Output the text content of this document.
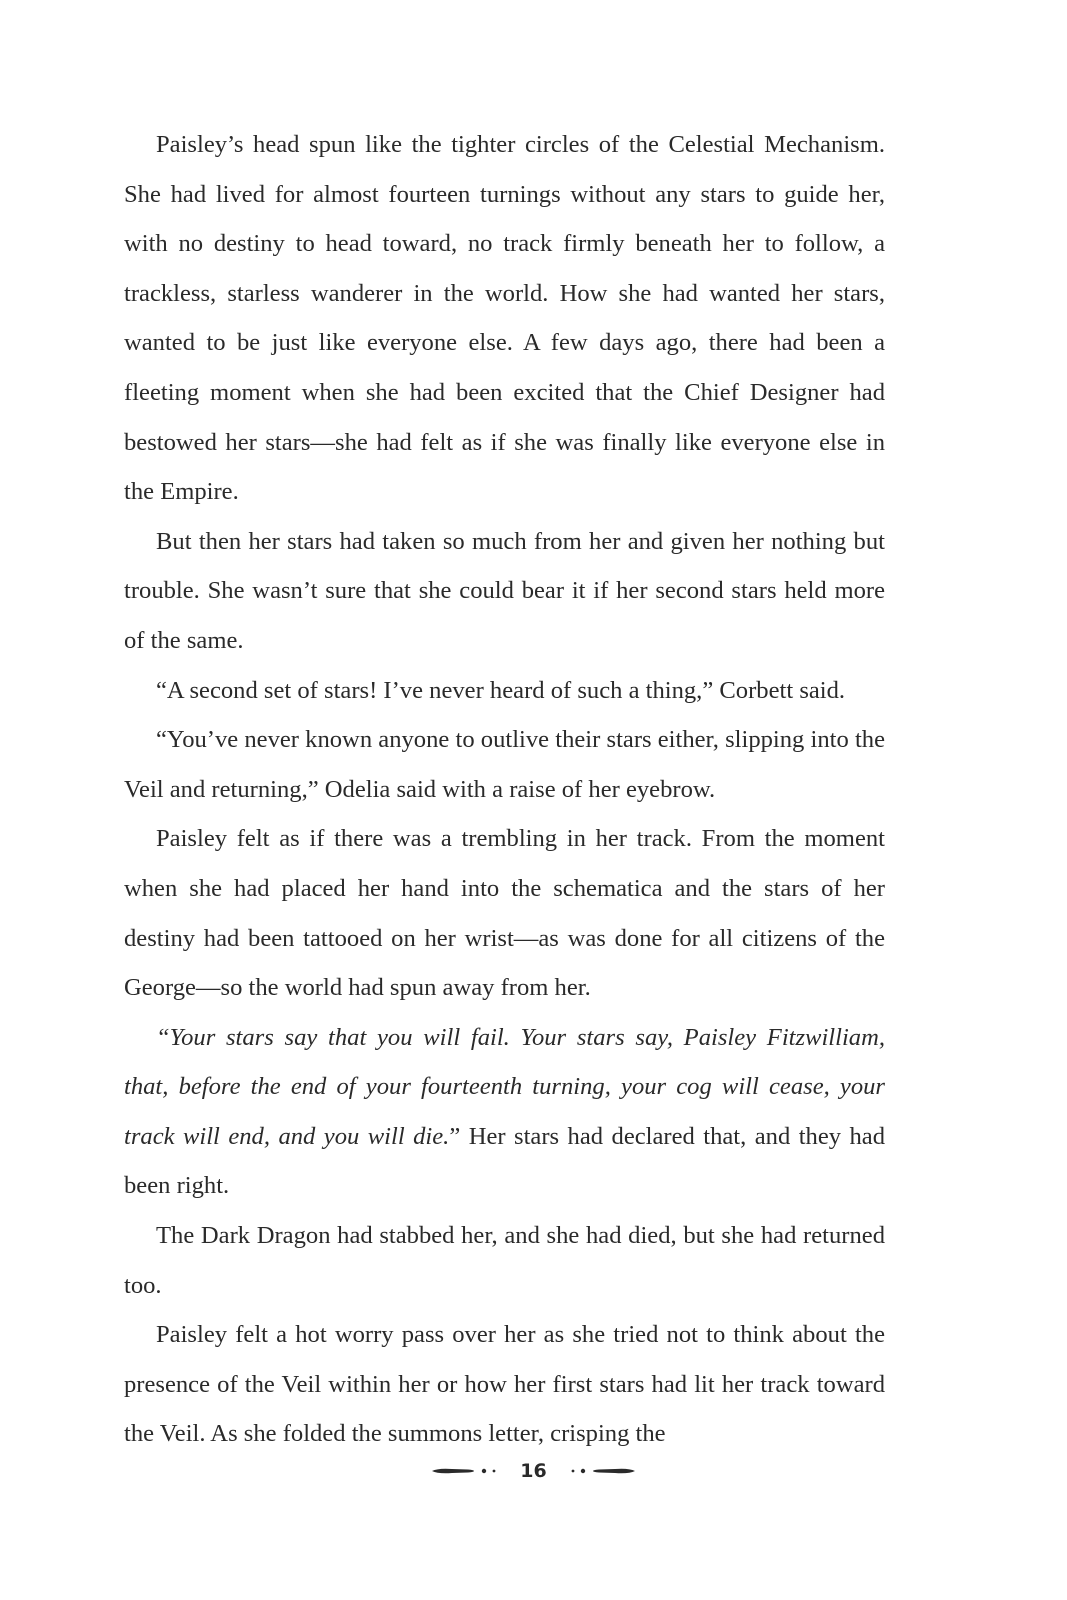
Paisley’s head spun like the tighter circles of the Celestial Mechanism. She had lived for almost fourteen turnings without any stars to guide her, with no destiny to head toward, no track firmly beneath her to follow, a trackless, starless wanderer in the world. How she had wanted her stars, wanted to be just like everyone else. A few days ago, there had been a fleeting moment when she had been excited that the Chief Designer had bestowed her stars—she had felt as if she was finally like everyone else in the Empire.

But then her stars had taken so much from her and given her nothing but trouble. She wasn’t sure that she could bear it if her second stars held more of the same.

“A second set of stars! I’ve never heard of such a thing,” Corbett said.

“You’ve never known anyone to outlive their stars either, slipping into the Veil and returning,” Odelia said with a raise of her eyebrow.

Paisley felt as if there was a trembling in her track. From the moment when she had placed her hand into the schematica and the stars of her destiny had been tattooed on her wrist—as was done for all citizens of the George—so the world had spun away from her.

“Your stars say that you will fail. Your stars say, Paisley Fitzwilliam, that, before the end of your fourteenth turning, your cog will cease, your track will end, and you will die.” Her stars had declared that, and they had been right.

The Dark Dragon had stabbed her, and she had died, but she had returned too.

Paisley felt a hot worry pass over her as she tried not to think about the presence of the Veil within her or how her first stars had lit her track toward the Veil. As she folded the summons letter, crisping the

16
